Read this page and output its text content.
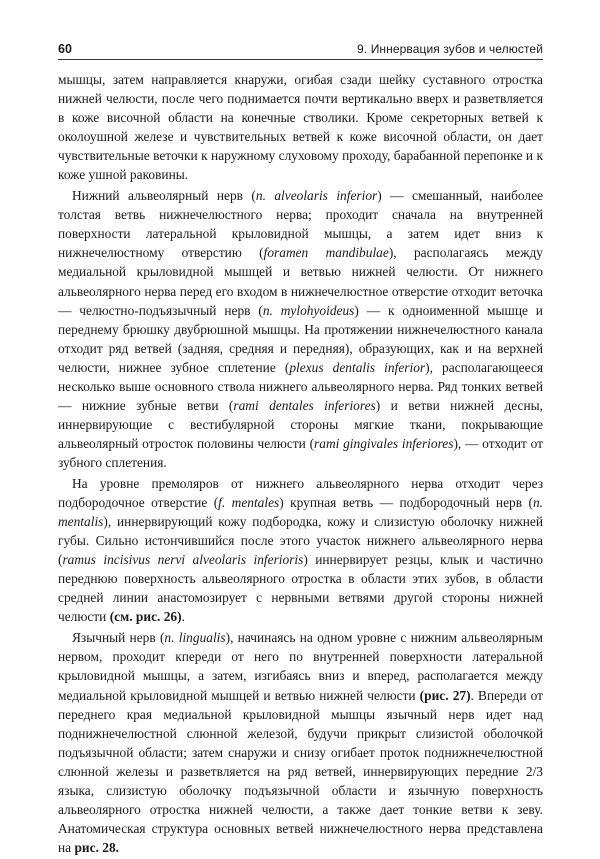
60	9. Иннервация зубов и челюстей

мышцы, затем направляется кнаружи, огибая сзади шейку суставного отростка нижней челюсти, после чего поднимается почти вертикально вверх и разветвляется в коже височной области на конечные стволики. Кроме секреторных ветвей к околоушной железе и чувствительных ветвей к коже височной области, он дает чувствительные веточки к наружному слуховому проходу, барабанной перепонке и к коже ушной раковины.

Нижний альвеолярный нерв (n. alveolaris inferior) — смешанный, наиболее толстая ветвь нижнечелюстного нерва; проходит сначала на внутренней поверхности латеральной крыловидной мышцы, а затем идет вниз к нижнечелюстному отверстию (foramen mandibulae), располагаясь между медиальной крыловидной мышцей и ветвью нижней челюсти. От нижнего альвеолярного нерва перед его входом в нижнечелюстное отверстие отходит веточка — челюстно-подъязычный нерв (n. mylohyoideus) — к одноименной мышце и переднему брюшку двубрюшной мышцы. На протяжении нижнечелюстного канала отходит ряд ветвей (задняя, средняя и передняя), образующих, как и на верхней челюсти, нижнее зубное сплетение (plexus dentalis inferior), располагающееся несколько выше основного ствола нижнего альвеолярного нерва. Ряд тонких ветвей — нижние зубные ветви (rami dentales inferiores) и ветви нижней десны, иннервирующие с вестибулярной стороны мягкие ткани, покрывающие альвеолярный отросток половины челюсти (rami gingivales inferiores), — отходит от зубного сплетения.

На уровне премоляров от нижнего альвеолярного нерва отходит через подбородочное отверстие (f. mentales) крупная ветвь — подбородочный нерв (n. mentalis), иннервирующий кожу подбородка, кожу и слизистую оболочку нижней губы. Сильно истончившийся после этого участок нижнего альвеолярного нерва (ramus incisivus nervi alveolaris inferioris) иннервирует резцы, клык и частично переднюю поверхность альвеолярного отростка в области этих зубов, в области средней линии анастомозирует с нервными ветвями другой стороны нижней челюсти (см. рис. 26).

Язычный нерв (n. lingualis), начинаясь на одном уровне с нижним альвеолярным нервом, проходит кпереди от него по внутренней поверхности латеральной крыловидной мышцы, а затем, изгибаясь вниз и вперед, располагается между медиальной крыловидной мышцей и ветвью нижней челюсти (рис. 27). Впереди от переднего края медиальной крыловидной мышцы язычный нерв идет над поднижнечелюстной слюнной железой, будучи прикрыт слизистой оболочкой подъязычной области; затем снаружи и снизу огибает проток поднижнечелюстной слюнной железы и разветвляется на ряд ветвей, иннервирующих передние 2/3 языка, слизистую оболочку подъязычной области и язычную поверхность альвеолярного отростка нижней челюсти, а также дает тонкие ветви к зеву. Анатомическая структура основных ветвей нижнечелюстного нерва представлена на рис. 28.
